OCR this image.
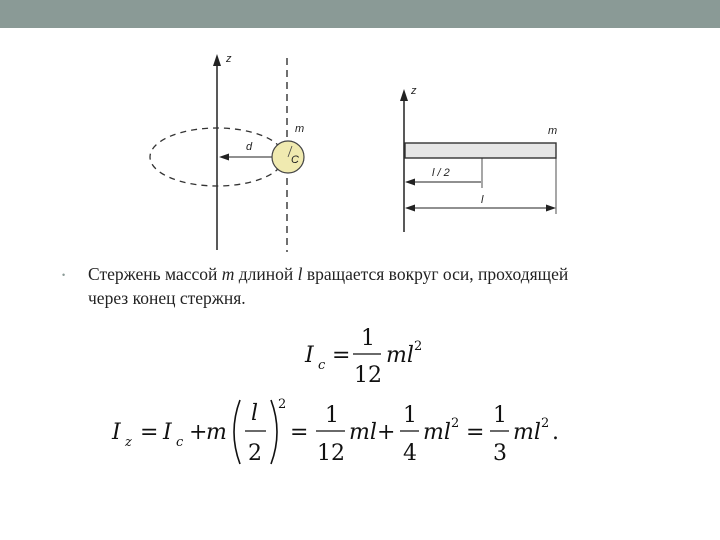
z
d
C
m
z
m
l / 2
l
• Стержень массой m длиной l вращается вокруг оси, проходящей
через конец стержня.
I c =
1
12
ml 2
I z = I c +
m
l
2
2
=
1
12
ml +
1
4
ml 2 =
1
3
ml 2 .
